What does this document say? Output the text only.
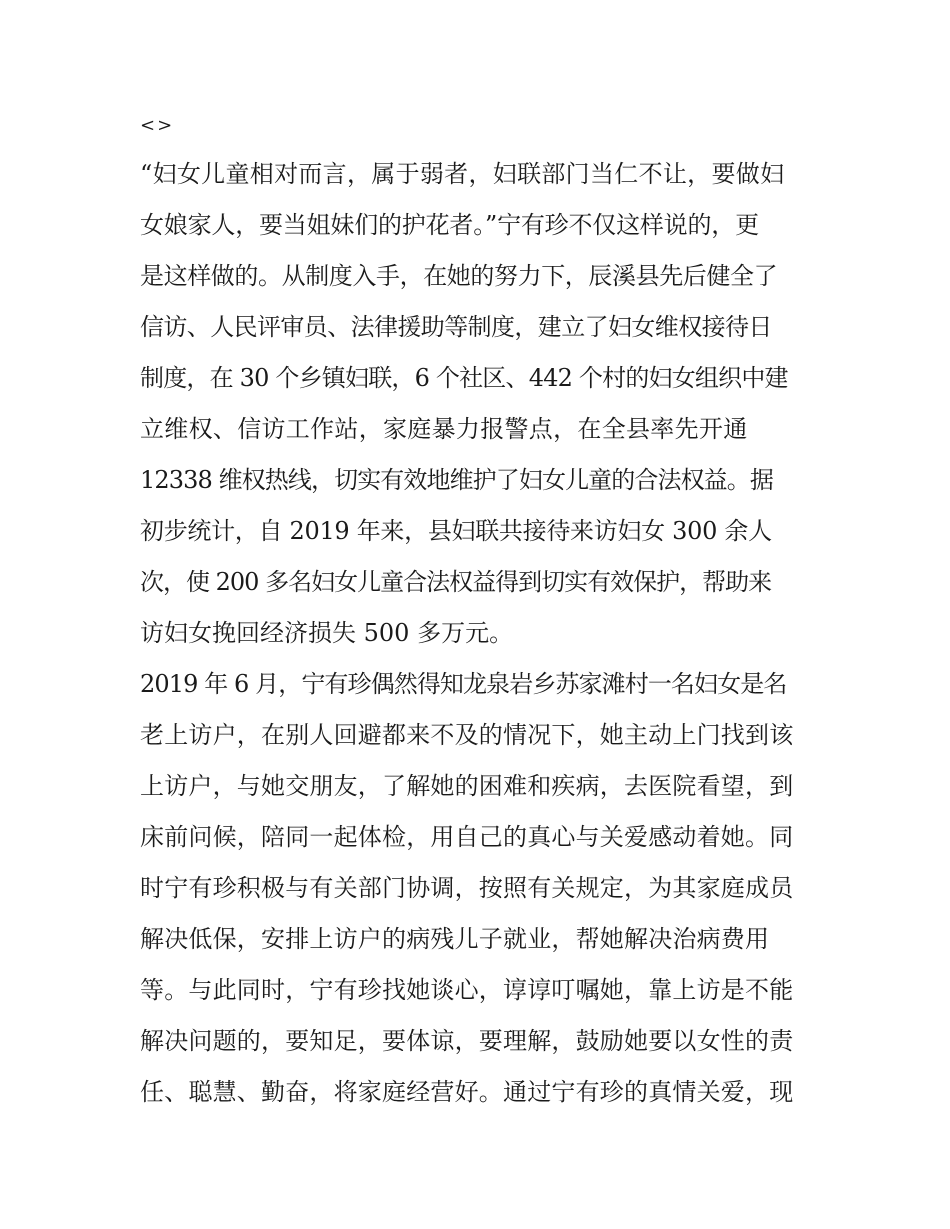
<>
“妇女儿童相对而言，属于弱者，妇联部门当仁不让，要做妇
女娘家人，要当姐妹们的护花者。”宁有珍不仅这样说的，更
是这样做的。从制度入手，在她的努力下，辰溪县先后健全了
信访、人民评审员、法律援助等制度，建立了妇女维权接待日
制度，在 30 个乡镇妇联，6 个社区、442 个村的妇女组织中建
立维权、信访工作站，家庭暴力报警点，在全县率先开通
12338 维权热线，切实有效地维护了妇女儿童的合法权益。据
初步统计，自 2019 年来，县妇联共接待来访妇女 300 余人
次，使 200 多名妇女儿童合法权益得到切实有效保护，帮助来
访妇女挽回经济损失 500 多万元。
2019 年 6 月，宁有珍偶然得知龙泉岩乡苏家滩村一名妇女是名
老上访户，在别人回避都来不及的情况下，她主动上门找到该
上访户，与她交朋友，了解她的困难和疾病，去医院看望，到
床前问候，陪同一起体检，用自己的真心与关爱感动着她。同
时宁有珍积极与有关部门协调，按照有关规定，为其家庭成员
解决低保，安排上访户的病残儿子就业，帮她解决治病费用
等。与此同时，宁有珍找她谈心，谆谆叮嘱她，靠上访是不能
解决问题的，要知足，要体谅，要理解，鼓励她要以女性的责
任、聪慧、勤奋，将家庭经营好。通过宁有珍的真情关爱，现
